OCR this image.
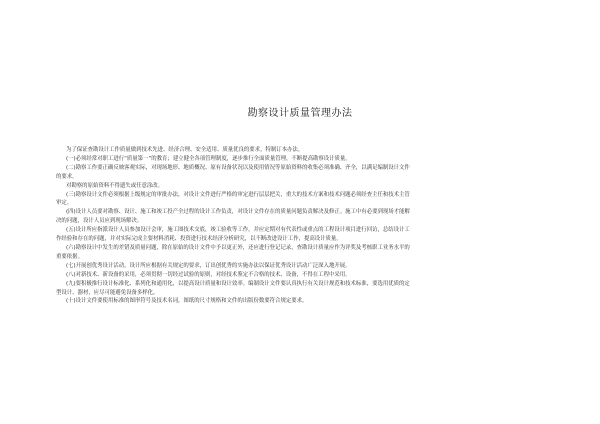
勘察设计质量管理办法
为了保证查勘设计工作质量做到技术先进、经济合理、安全适用、质量优良的要求，特制订本办法。
(一)必须经常对职工进行“质量第一”的教育；建立健全各项管理制度，逐步推行全面质量管理，不断提高勘察设计质量。
(二)勘察工作要正确反映客观实际，对现场地形、地质概况、原有设备状况以及使用情况等原始资料的收集必须准确、齐全，以满足编制设计文件
的要求。
对勘察的原始资料不得遗失或任意涂改。
(三)勘察设计文件必须根据上级规定的审批办法，对设计文件进行严格的审定进行层层把关，重大的技术方案和技术问题必须经查主任和技术主管
审定。
(四)设计人员要对勘察、设计、施工和竣工投产全过程的设计工作负责，对设计文件存在的质量问题负责解决及修正。施工中有必要到现场才能解
决的问题，设计人员应到现场解决。
(五)设计所应指派设计人员参加设计会审，施工图技术交底，竣工验收等工作，并应定期对有代表性或重点的工程设计项目进行回访，总结设计工
作经验和存在的问题，并对实际完成主要材料消耗、投资进行技术经济分析研究，以不断改进设计工作，提高设计质量。
(六)勘察设计中发生的差错及质量问题，除在原始的设计文件中予以更正外，还应进行登记记录，查勘设计质量应作为评奖及考核职工业务水平的
重要依据。
(七)开展创优秀设计活动，设计所应根据有关规定的要求，订出创优秀的实施办法以保证优秀设计活动广泛深入地开展。
(八)对新技术、新设备的采用，必须贯彻一切经过试验的原则，对经技术鉴定不合格的技术、设备，不得在工程中采用。
(九)要积极推行设计标准化、系列化和通用化，以提高设计质量和设计效率。编制设计文件要认真执行有关设计规范和技术标准，要选用优质的定
型设计、器材，应尽可能避免设备多样化。
(十)设计文件要使用标准的图形符号及技术名词，图纸的尺寸规格和文件的出版份数要符合规定要求。
